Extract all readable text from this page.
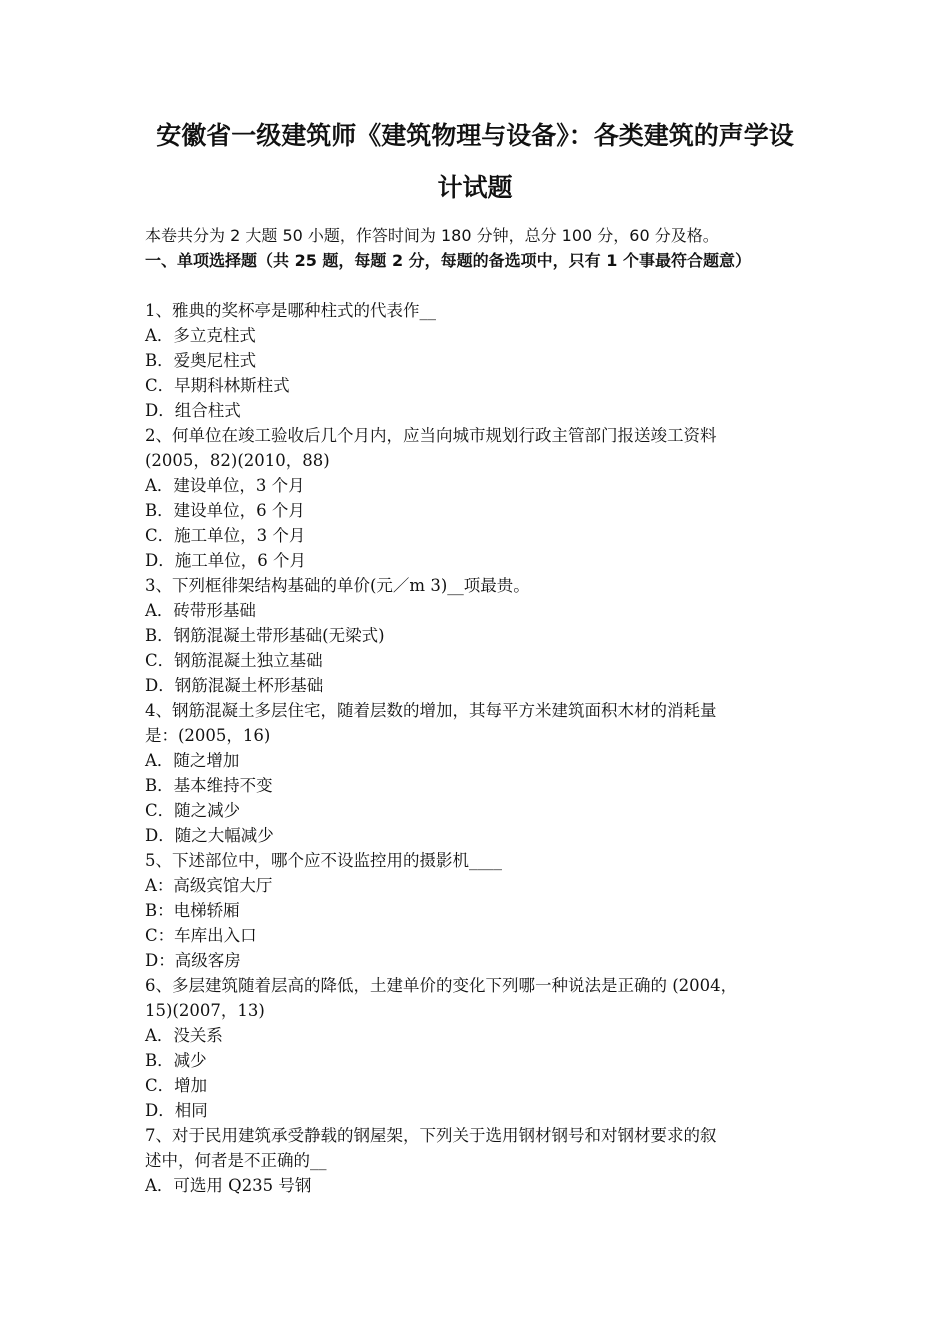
安徽省一级建筑师《建筑物理与设备》：各类建筑的声学设
计试题
本卷共分为 2 大题 50 小题，作答时间为 180 分钟，总分 100 分，60 分及格。
一、单项选择题（共 25 题，每题 2 分，每题的备选项中，只有 1 个事最符合题意）
1、雅典的奖杯亭是哪种柱式的代表作__
A．多立克柱式
B．爱奥尼柱式
C．早期科林斯柱式
D．组合柱式
2、何单位在竣工验收后几个月内，应当向城市规划行政主管部门报送竣工资料
(2005，82)(2010，88)
A．建设单位，3 个月
B．建设单位，6 个月
C．施工单位，3 个月
D．施工单位，6 个月
3、下列框徘架结构基础的单价(元／m 3)__项最贵。
A．砖带形基础
B．钢筋混凝土带形基础(无梁式)
C．钢筋混凝土独立基础
D．钢筋混凝土杯形基础
4、钢筋混凝土多层住宅，随着层数的增加，其每平方米建筑面积木材的消耗量
是：(2005，16)
A．随之增加
B．基本维持不变
C．随之减少
D．随之大幅减少
5、下述部位中，哪个应不设监控用的摄影机____
A：高级宾馆大厅
B：电梯轿厢
C：车库出入口
D：高级客房
6、多层建筑随着层高的降低，土建单价的变化下列哪一种说法是正确的 (2004，
15)(2007，13)
A．没关系
B．减少
C．增加
D．相同
7、对于民用建筑承受静载的钢屋架，下列关于选用钢材钢号和对钢材要求的叙
述中，何者是不正确的__
A．可选用 Q235 号钢
